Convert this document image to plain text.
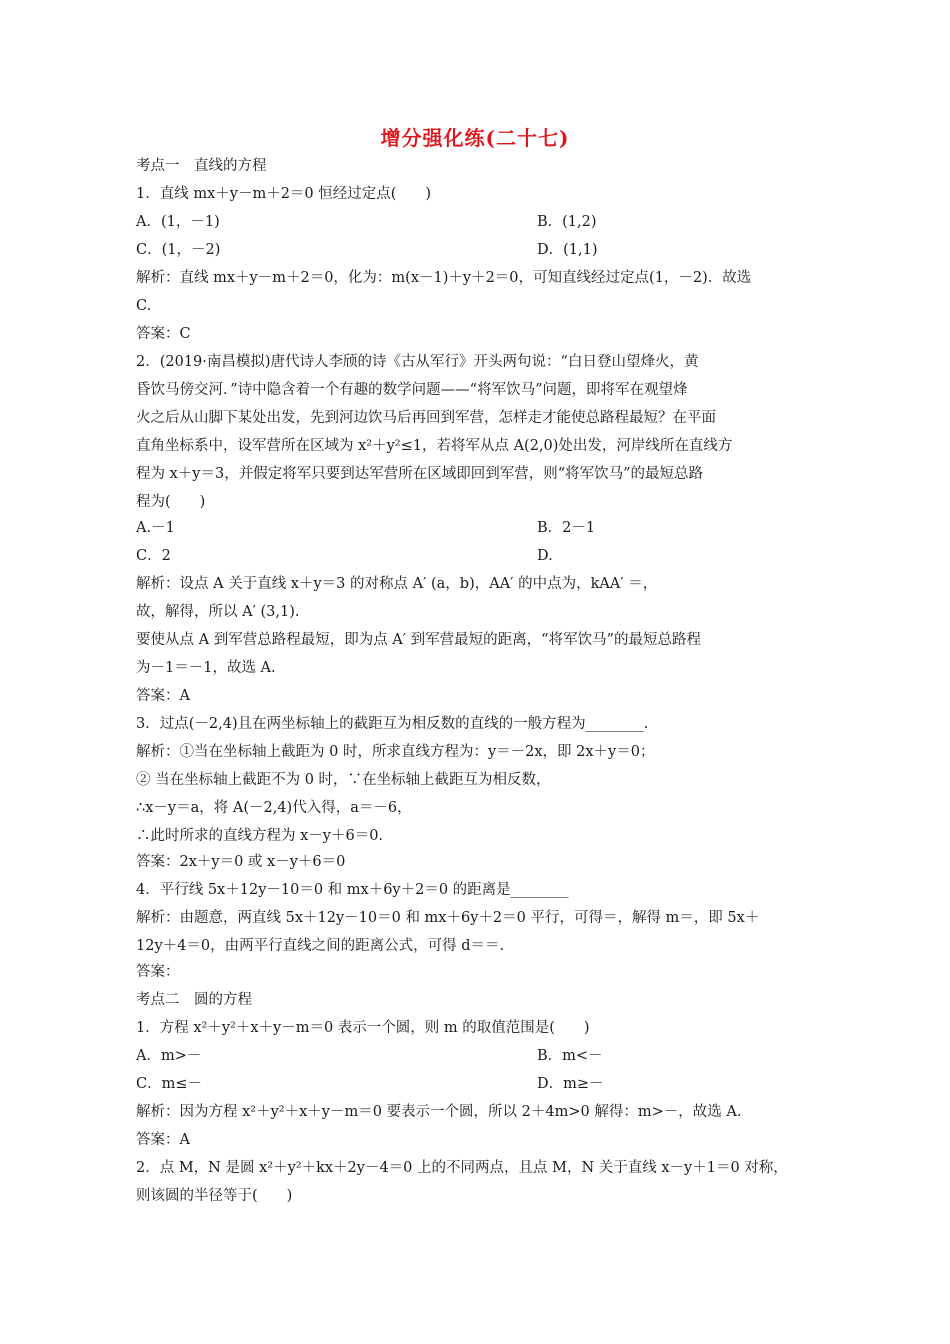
增分强化练(二十七)
考点一　直线的方程
1．直线 mx＋y－m＋2＝0 恒经过定点(　　)
A．(1，－1)	B．(1,2)
C．(1，－2)	D．(1,1)
解析：直线 mx＋y－m＋2＝0，化为：m(x－1)＋y＋2＝0，可知直线经过定点(1，－2)．故选
C.
答案：C
2．(2019·南昌模拟)唐代诗人李颀的诗《古从军行》开头两句说：“白日登山望烽火，黄
昏饮马傍交河．”诗中隐含着一个有趣的数学问题——“将军饮马”问题，即将军在观望烽
火之后从山脚下某处出发，先到河边饮马后再回到军营，怎样走才能使总路程最短？在平面
直角坐标系中，设军营所在区域为 x²＋y²≤1，若将军从点 A(2,0)处出发，河岸线所在直线方
程为 x＋y＝3，并假定将军只要到达军营所在区域即回到军营，则“将军饮马”的最短总路
程为(　　)
A.－1	B．2－1
C．2	D.
解析：设点 A 关于直线 x＋y＝3 的对称点 A′ (a，b)，AA′ 的中点为，kAA′ ＝，
故，解得，所以 A′ (3,1).
要使从点 A 到军营总路程最短，即为点 A′ 到军营最短的距离，“将军饮马”的最短总路程
为－1＝－1，故选 A.
答案：A
3．过点(－2,4)且在两坐标轴上的截距互为相反数的直线的一般方程为________.
解析：①当在坐标轴上截距为 0 时，所求直线方程为：y＝－2x，即 2x＋y＝0；
② 当在坐标轴上截距不为 0 时，∵在坐标轴上截距互为相反数，
∴x－y＝a，将 A(－2,4)代入得，a＝－6，
∴此时所求的直线方程为 x－y＋6＝0.
答案：2x＋y＝0 或 x－y＋6＝0
4．平行线 5x＋12y－10＝0 和 mx＋6y＋2＝0 的距离是________
解析：由题意，两直线 5x＋12y－10＝0 和 mx＋6y＋2＝0 平行，可得＝，解得 m＝，即 5x＋
12y＋4＝0，由两平行直线之间的距离公式，可得 d＝＝.
答案：
考点二　圆的方程
1．方程 x²＋y²＋x＋y－m＝0 表示一个圆，则 m 的取值范围是(　　)
A．m>－	B．m<－
C．m≤－	D．m≥－
解析：因为方程 x²＋y²＋x＋y－m＝0 要表示一个圆，所以 2＋4m>0 解得：m>－，故选 A.
答案：A
2．点 M，N 是圆 x²＋y²＋kx＋2y－4＝0 上的不同两点，且点 M，N 关于直线 x－y＋1＝0 对称，
则该圆的半径等于(　　)
